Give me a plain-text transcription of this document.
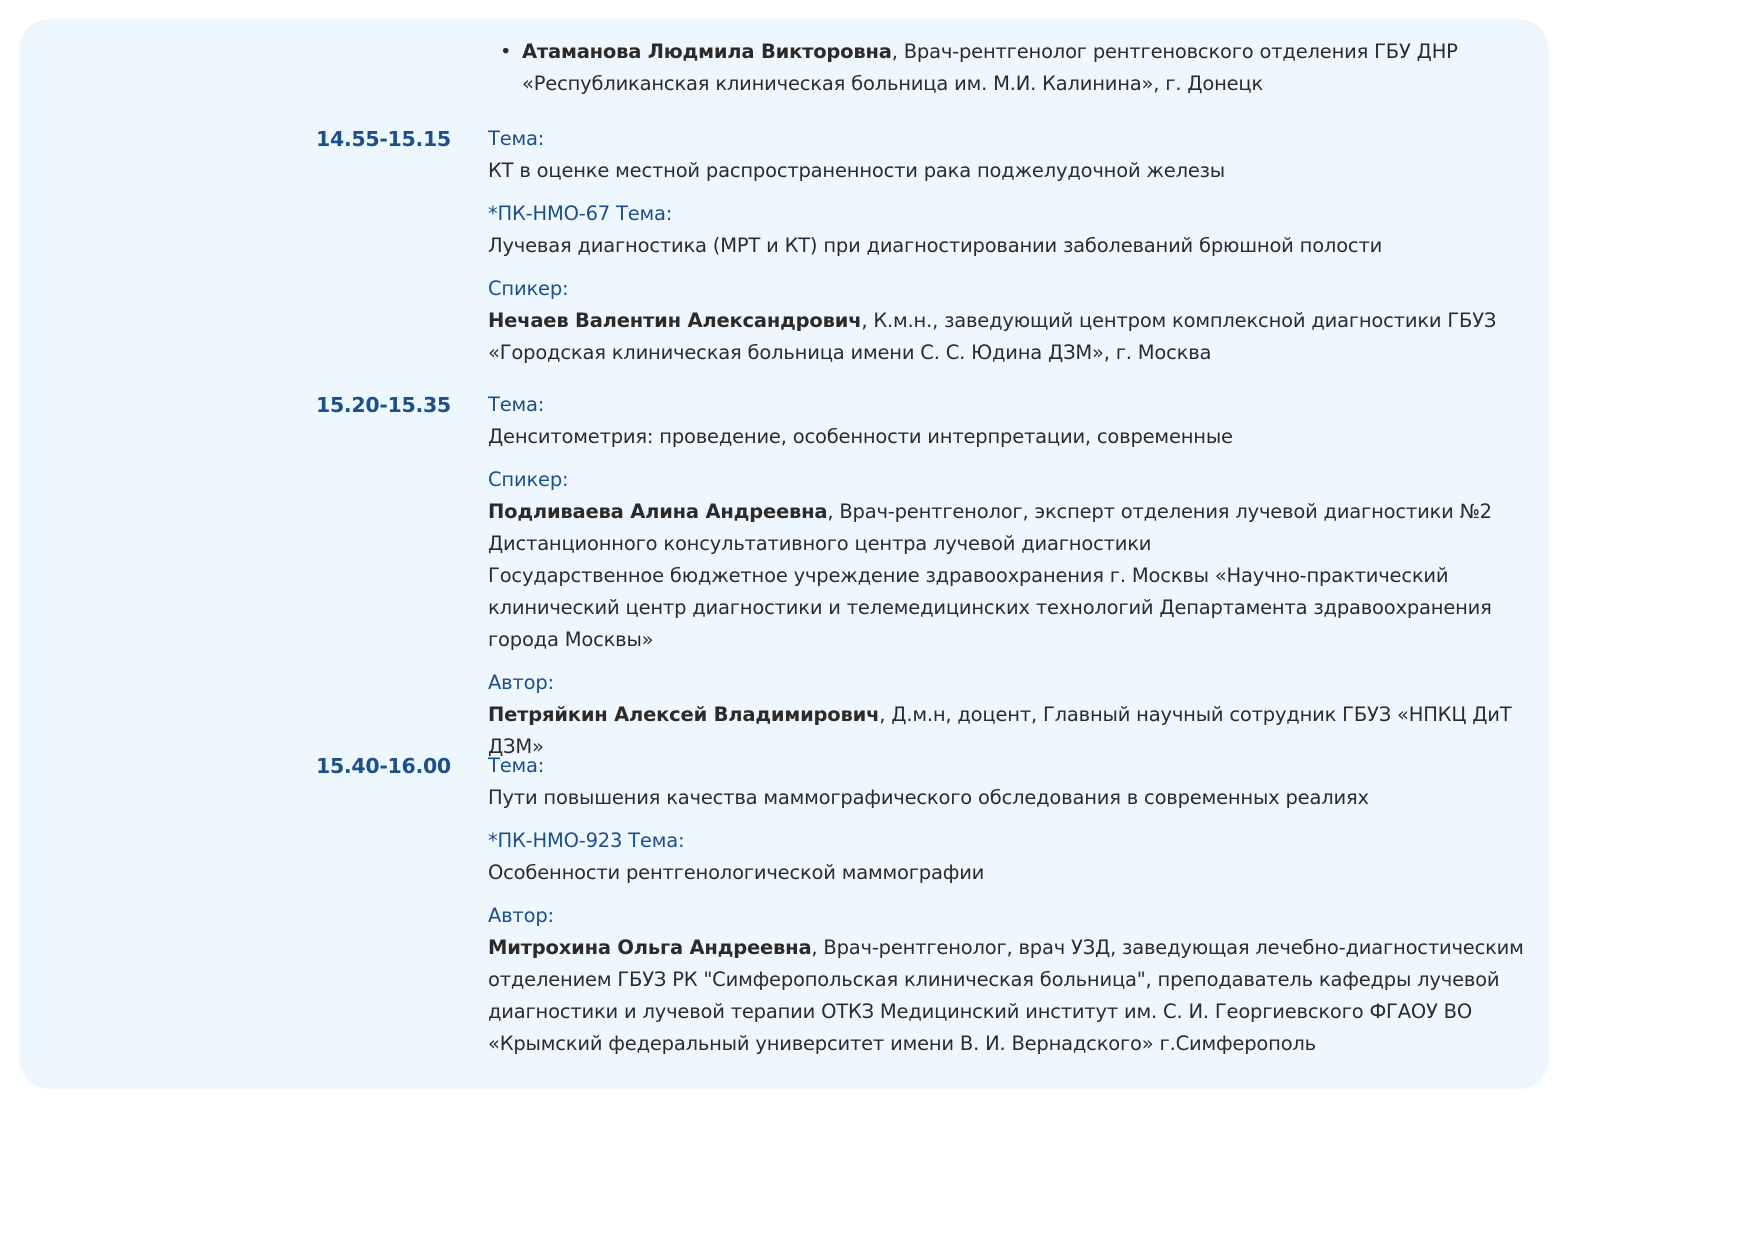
• Атаманова Людмила Викторовна, Врач-рентгенолог рентгеновского отделения ГБУ ДНР
«Республиканская клиническая больница им. М.И. Калинина», г. Донецк
14.55-15.15 Тема:
КТ в оценке местной распространенности рака поджелудочной железы
*ПК-НМО-67 Тема:
Лучевая диагностика (МРТ и КТ) при диагностировании заболеваний брюшной полости
Спикер:
Нечаев Валентин Александрович, К.м.н., заведующий центром комплексной диагностики ГБУЗ
«Городская клиническая больница имени С. С. Юдина ДЗМ», г. Москва
15.20-15.35 Тема:
Денситометрия: проведение, особенности интерпретации, современные
Спикер:
Подливаева Алина Андреевна, Врач-рентгенолог, эксперт отделения лучевой диагностики №2
Дистанционного консультативного центра лучевой диагностики
Государственное бюджетное учреждение здравоохранения г. Москвы «Научно-практический
клинический центр диагностики и телемедицинских технологий Департамента здравоохранения
города Москвы»
Автор:
Петряйкин Алексей Владимирович, Д.м.н, доцент, Главный научный сотрудник ГБУЗ «НПКЦ ДиТ ДЗМ»
15.40-16.00 Тема:
Пути повышения качества маммографического обследования в современных реалиях
*ПК-НМО-923 Тема:
Особенности рентгенологической маммографии
Автор:
Митрохина Ольга Андреевна, Врач-рентгенолог, врач УЗД, заведующая лечебно-диагностическим
отделением ГБУЗ РК "Симферопольская клиническая больница", преподаватель кафедры лучевой
диагностики и лучевой терапии ОТКЗ Медицинский институт им. С. И. Георгиевского ФГАОУ ВО
«Крымский федеральный университет имени В. И. Вернадского» г.Симферополь
